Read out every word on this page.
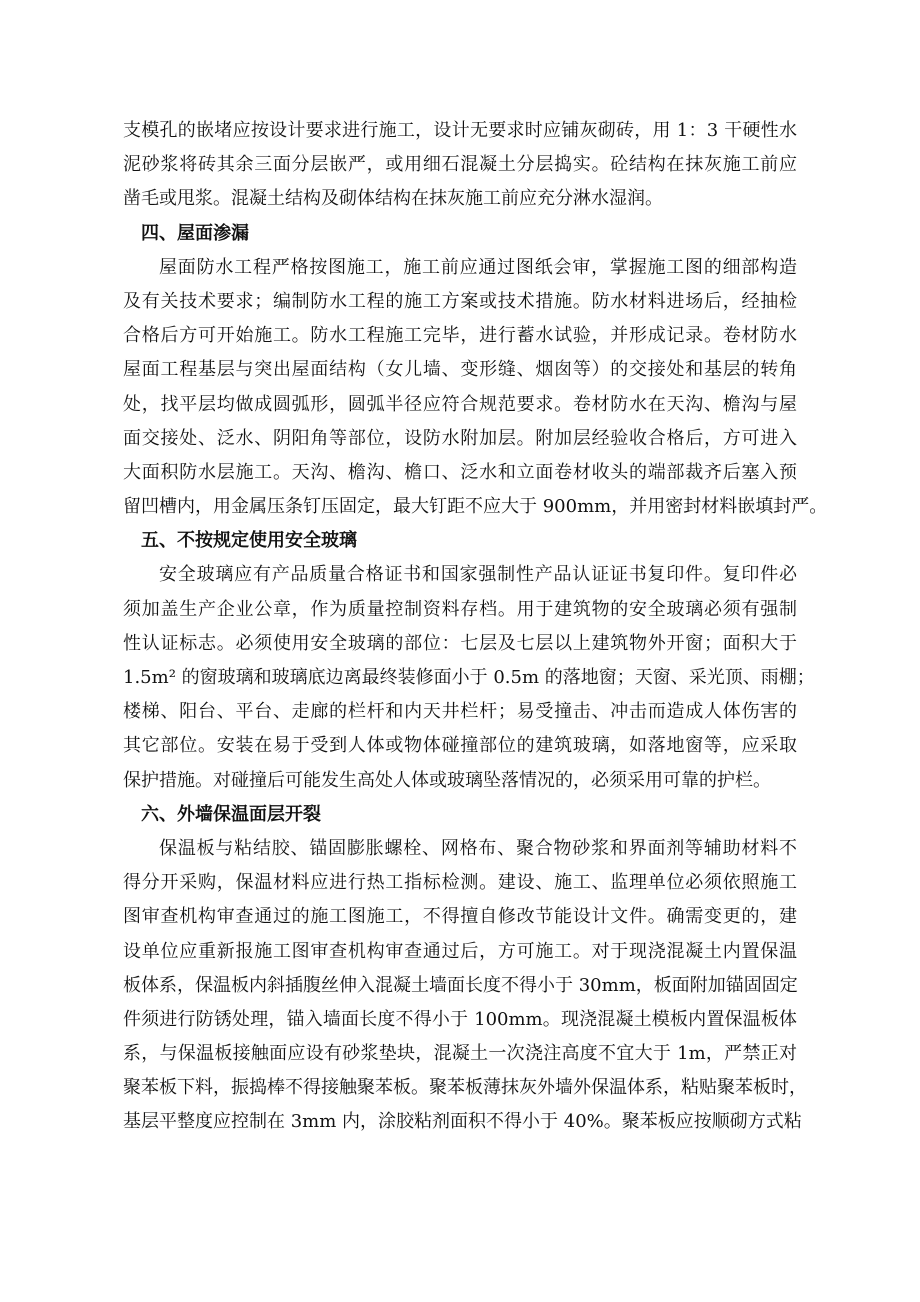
支模孔的嵌堵应按设计要求进行施工，设计无要求时应铺灰砌砖，用 1：3 干硬性水
泥砂浆将砖其余三面分层嵌严，或用细石混凝土分层捣实。砼结构在抹灰施工前应
凿毛或甩浆。混凝土结构及砌体结构在抹灰施工前应充分淋水湿润。
四、屋面渗漏
屋面防水工程严格按图施工，施工前应通过图纸会审，掌握施工图的细部构造
及有关技术要求；编制防水工程的施工方案或技术措施。防水材料进场后，经抽检
合格后方可开始施工。防水工程施工完毕，进行蓄水试验，并形成记录。卷材防水
屋面工程基层与突出屋面结构（女儿墙、变形缝、烟囱等）的交接处和基层的转角
处，找平层均做成圆弧形，圆弧半径应符合规范要求。卷材防水在天沟、檐沟与屋
面交接处、泛水、阴阳角等部位，设防水附加层。附加层经验收合格后，方可进入
大面积防水层施工。天沟、檐沟、檐口、泛水和立面卷材收头的端部裁齐后塞入预
留凹槽内，用金属压条钉压固定，最大钉距不应大于 900mm，并用密封材料嵌填封严。
五、不按规定使用安全玻璃
安全玻璃应有产品质量合格证书和国家强制性产品认证证书复印件。复印件必
须加盖生产企业公章，作为质量控制资料存档。用于建筑物的安全玻璃必须有强制
性认证标志。必须使用安全玻璃的部位：七层及七层以上建筑物外开窗；面积大于
1.5m² 的窗玻璃和玻璃底边离最终装修面小于 0.5m 的落地窗；天窗、采光顶、雨棚；
楼梯、阳台、平台、走廊的栏杆和内天井栏杆；易受撞击、冲击而造成人体伤害的
其它部位。安装在易于受到人体或物体碰撞部位的建筑玻璃，如落地窗等，应采取
保护措施。对碰撞后可能发生高处人体或玻璃坠落情况的，必须采用可靠的护栏。
六、外墙保温面层开裂
保温板与粘结胶、锚固膨胀螺栓、网格布、聚合物砂浆和界面剂等辅助材料不
得分开采购，保温材料应进行热工指标检测。建设、施工、监理单位必须依照施工
图审查机构审查通过的施工图施工，不得擅自修改节能设计文件。确需变更的，建
设单位应重新报施工图审查机构审查通过后，方可施工。对于现浇混凝土内置保温
板体系，保温板内斜插腹丝伸入混凝土墙面长度不得小于 30mm，板面附加锚固固定
件须进行防锈处理，锚入墙面长度不得小于 100mm。现浇混凝土模板内置保温板体
系，与保温板接触面应设有砂浆垫块，混凝土一次浇注高度不宜大于 1m，严禁正对
聚苯板下料，振捣棒不得接触聚苯板。聚苯板薄抹灰外墙外保温体系，粘贴聚苯板时，
基层平整度应控制在 3mm 内，涂胶粘剂面积不得小于 40%。聚苯板应按顺砌方式粘
